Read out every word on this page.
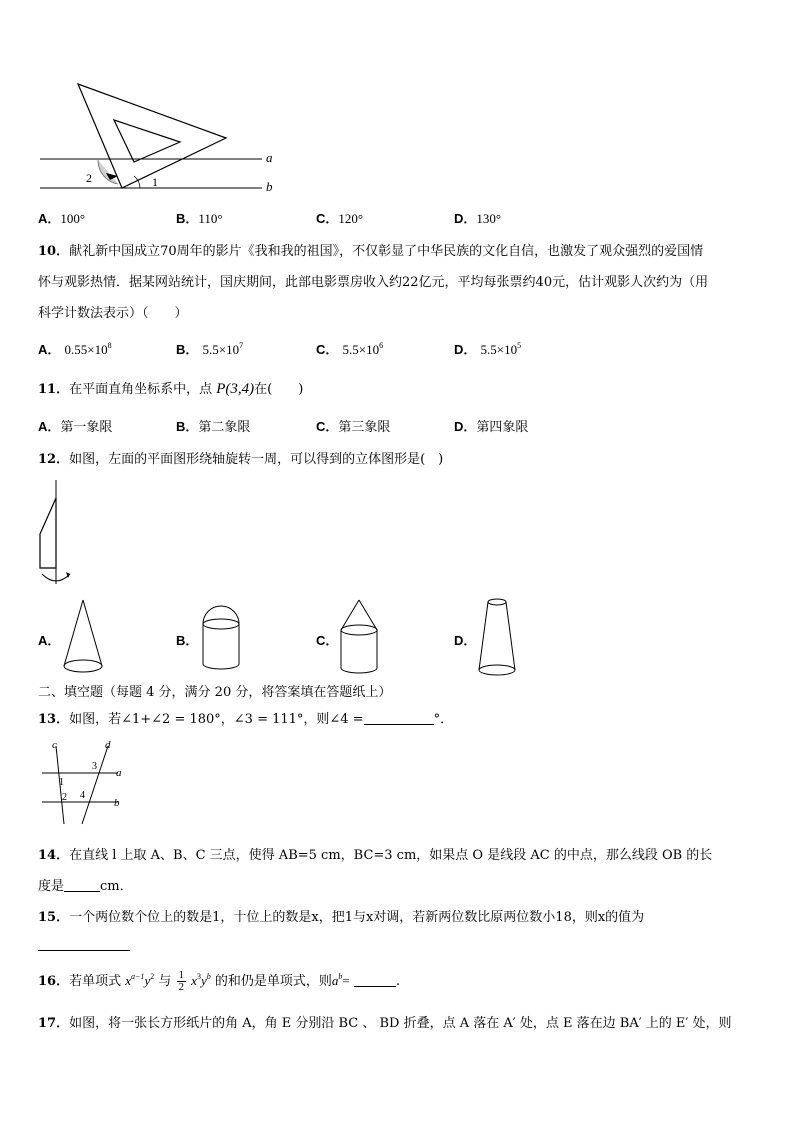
a
b
2	1
A．100°	B．110°	C．120°	D．130°
10．献礼新中国成立70周年的影片《我和我的祖国》，不仅彰显了中华民族的文化自信，也激发了观众强烈的爱国情
怀与观影热情．据某网站统计，国庆期间，此部电影票房收入约22亿元，平均每张票约40元，估计观影人次约为（用
科学计数法表示）（　　）
A． $0.55\times 10^8$	B． $5.5\times 10^7$	C． $5.5\times 10^6$	D． $5.5\times 10^5$
11．在平面直角坐标系中，点 P(3,4)在(　　)
A．第一象限	B．第二象限	C．第三象限	D．第四象限
12．如图，左面的平面图形绕轴旋转一周，可以得到的立体图形是(　)
A．	B．	C．	D．
二、填空题（每题 4 分，满分 20 分，将答案填在答题纸上）
13．如图，若∠1+∠2 = 180°，∠3 = 111°，则∠4 =	°．
c	d
a
b
1
2
3
4
14．在直线 l 上取 A、B、C 三点，使得 AB=5 cm，BC=3 cm，如果点 O 是线段 AC 的中点，那么线段 OB 的长
度是	cm．
15．一个两位数个位上的数是1，十位上的数是x，把1与x对调，若新两位数比原两位数小18，则x的值为
16．若单项式 $x^{a-1}y^2$ 与 $\frac{1}{2} x^3y^b$ 的和仍是单项式，则$a^b=$	.
17．如图，将一张长方形纸片的角 A，角 E 分别沿 BC 、 BD 折叠，点 A 落在 A′ 处，点 E 落在边 BA′ 上的 E′ 处，则
